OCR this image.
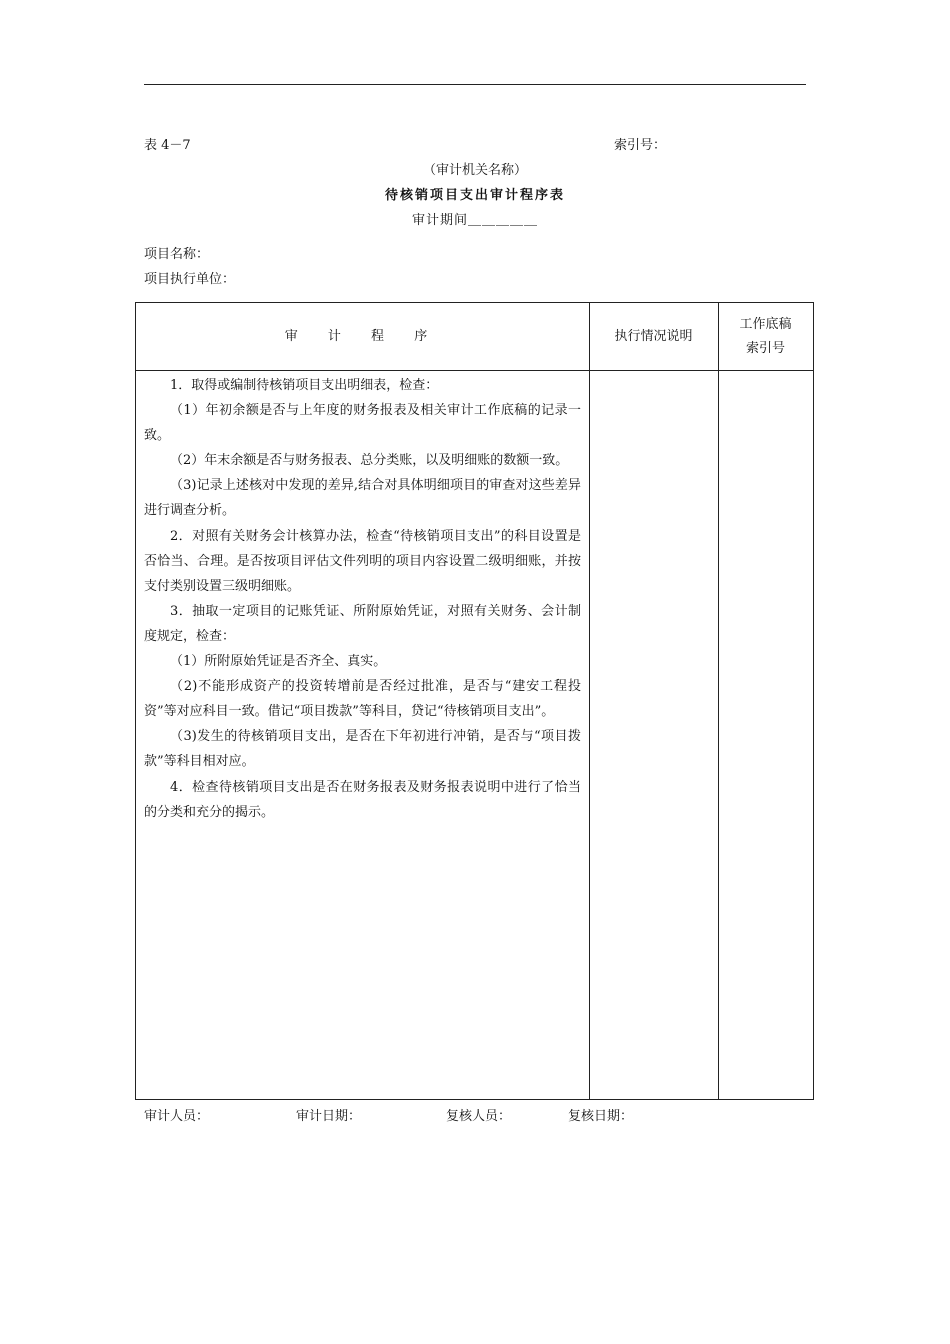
表 4－7	索引号：
（审计机关名称）
待核销项目支出审计程序表
审计期间＿＿＿＿＿
项目名称：
项目执行单位：
审 计 程 序	执行情况说明
工作底稿
索引号

1．取得或编制待核销项目支出明细表，检查：

（1）年初余额是否与上年度的财务报表及相关审计工作底稿的记录一致。

（2）年末余额是否与财务报表、总分类账，以及明细账的数额一致。

（3)记录上述核对中发现的差异,结合对具体明细项目的审查对这些差异进行调查分析。

2．对照有关财务会计核算办法，检查“待核销项目支出”的科目设置是否恰当、合理。是否按项目评估文件列明的项目内容设置二级明细账，并按支付类别设置三级明细账。

3．抽取一定项目的记账凭证、所附原始凭证，对照有关财务、会计制度规定，检查：

（1）所附原始凭证是否齐全、真实。

（2)不能形成资产的投资转增前是否经过批准，是否与“建安工程投资”等对应科目一致。借记“项目拨款”等科目，贷记“待核销项目支出”。

（3)发生的待核销项目支出，是否在下年初进行冲销，是否与“项目拨款”等科目相对应。

4．检查待核销项目支出是否在财务报表及财务报表说明中进行了恰当的分类和充分的揭示。

审计人员：	审计日期：	复核人员：	复核日期：
